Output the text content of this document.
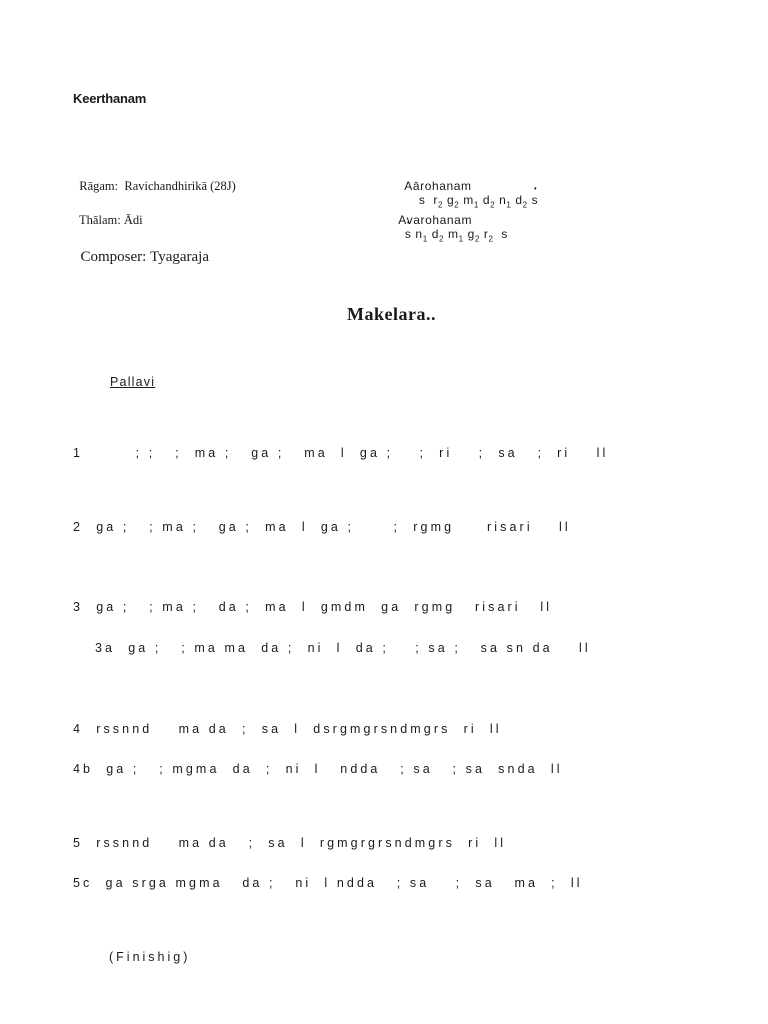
Keerthanam

Rāgam: Ravichandhirikā (28J)

Thālam: Ādi

Composer: Tyagaraja

Aārohanam
s  $r_2$ $g_2$ $m_1$ $d_2$ $n_1$ $d_2$ • s

Avarohanam
• s $n_1$ $d_2$ $m_1$ $g_2$ $r_2$  s

Makelara..
Pallavi
1        ; ;   ;  ma ;   ga ;   ma  l  ga ;    ;  ri    ;  sa   ;  ri    ll
2  ga ;   ; ma ;   ga ;  ma  l  ga ;      ;  rgmg     risari    ll
3  ga ;   ; ma ;   da ;  ma  l  gmdm  ga  rgmg   risari   ll
3a  ga ;   ; ma ma  da ;  ni  l  da ;    ; sa ;   sa sn da    ll
4  rssnnd    ma da  ;  sa  l  dsrgmgrsndmgrs  ri  ll
4b  ga ;   ; mgma  da  ;  ni  l   ndda   ; sa   ; sa  snda  ll
5  rssnnd    ma da   ;  sa  l  rgmgrgrsndmgrs  ri  ll
5c  ga srga mgma   da ;   ni  l ndda   ; sa    ;  sa   ma  ;  ll
(Finishig)
